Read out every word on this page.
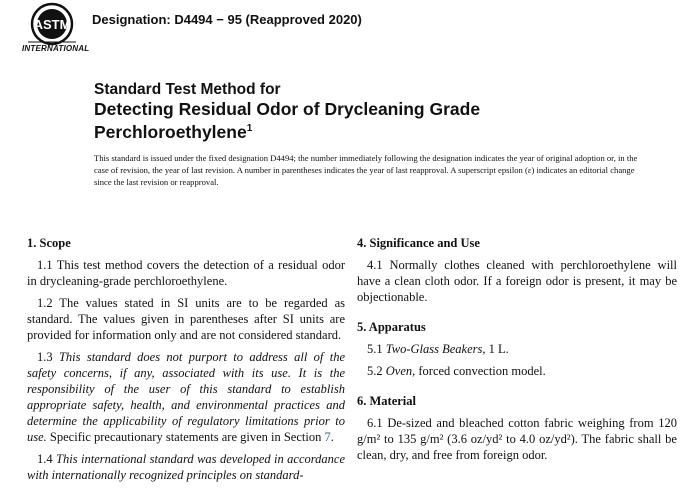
ASTM
INTERNATIONAL
Designation: D4494 − 95 (Reapproved 2020)
Standard Test Method for
Detecting Residual Odor of Drycleaning Grade
Perchloroethylene$^1$
This standard is issued under the fixed designation D4494; the number immediately following the designation indicates the year of original adoption or, in the case of revision, the year of last revision. A number in parentheses indicates the year of last reapproval. A superscript epsilon (ε) indicates an editorial change since the last revision or reapproval.
1. Scope
1.1 This test method covers the detection of a residual odor in drycleaning-grade perchloroethylene.
1.2 The values stated in SI units are to be regarded as standard. The values given in parentheses after SI units are provided for information only and are not considered standard.
1.3 This standard does not purport to address all of the safety concerns, if any, associated with its use. It is the responsibility of the user of this standard to establish appropriate safety, health, and environmental practices and determine the applicability of regulatory limitations prior to use. Specific precautionary statements are given in Section 7.
1.4 This international standard was developed in accordance with internationally recognized principles on standard-
4. Significance and Use
4.1 Normally clothes cleaned with perchloroethylene will have a clean cloth odor. If a foreign odor is present, it may be objectionable.
5. Apparatus
5.1 Two-Glass Beakers, 1 L.
5.2 Oven, forced convection model.
6. Material
6.1 De-sized and bleached cotton fabric weighing from 120 g/m² to 135 g/m² (3.6 oz/yd² to 4.0 oz/yd²). The fabric shall be clean, dry, and free from foreign odor.
